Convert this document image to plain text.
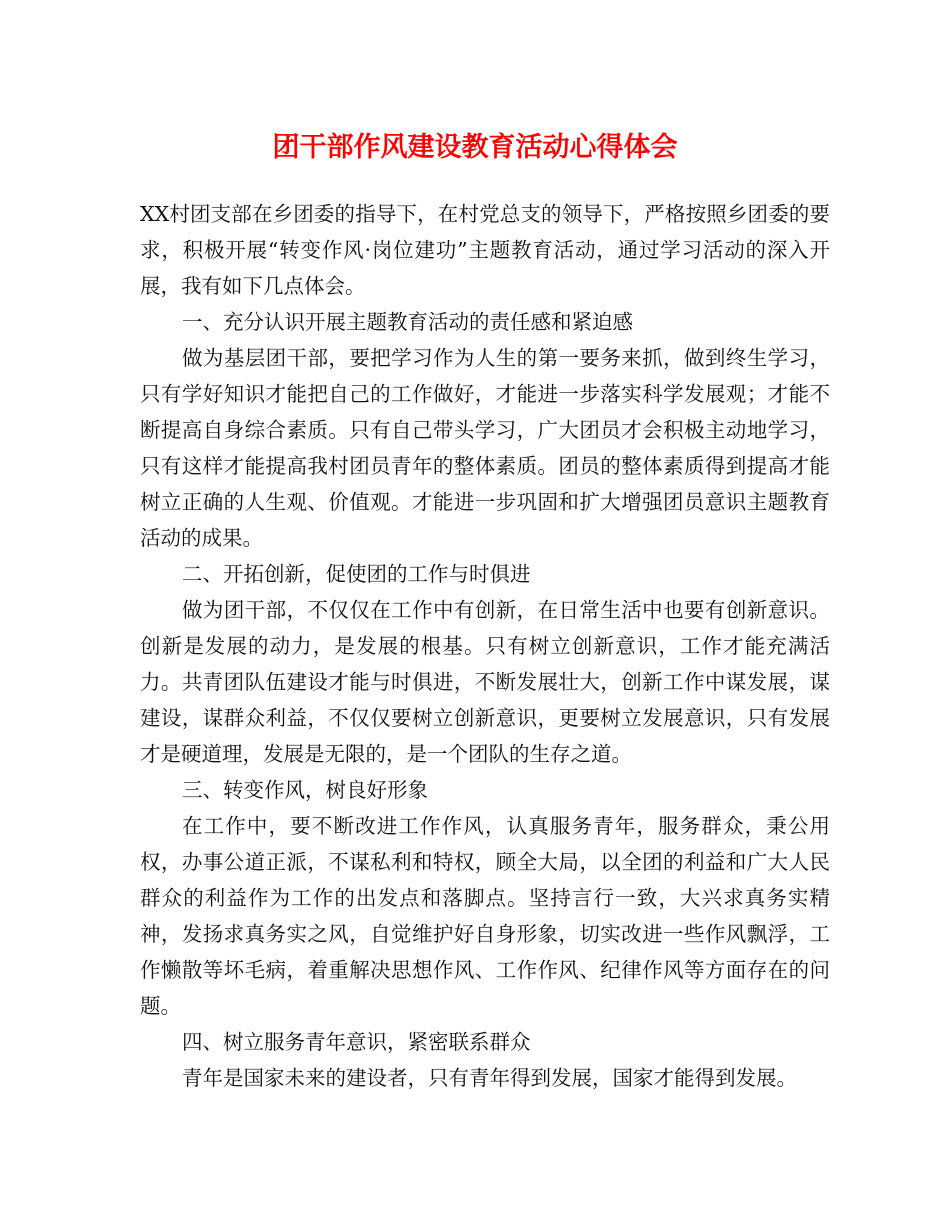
团干部作风建设教育活动心得体会

XX村团支部在乡团委的指导下，在村党总支的领导下，严格按照乡团委的要求，积极开展“转变作风·岗位建功”主题教育活动，通过学习活动的深入开展，我有如下几点体会。

一、充分认识开展主题教育活动的责任感和紧迫感

做为基层团干部，要把学习作为人生的第一要务来抓，做到终生学习，只有学好知识才能把自己的工作做好，才能进一步落实科学发展观；才能不断提高自身综合素质。只有自己带头学习，广大团员才会积极主动地学习，只有这样才能提高我村团员青年的整体素质。团员的整体素质得到提高才能树立正确的人生观、价值观。才能进一步巩固和扩大增强团员意识主题教育活动的成果。

二、开拓创新，促使团的工作与时俱进

做为团干部，不仅仅在工作中有创新，在日常生活中也要有创新意识。创新是发展的动力，是发展的根基。只有树立创新意识，工作才能充满活力。共青团队伍建设才能与时俱进，不断发展壮大，创新工作中谋发展，谋建设，谋群众利益，不仅仅要树立创新意识，更要树立发展意识，只有发展才是硬道理，发展是无限的，是一个团队的生存之道。

三、转变作风，树良好形象

在工作中，要不断改进工作作风，认真服务青年，服务群众，秉公用权，办事公道正派，不谋私利和特权，顾全大局，以全团的利益和广大人民群众的利益作为工作的出发点和落脚点。坚持言行一致，大兴求真务实精神，发扬求真务实之风，自觉维护好自身形象，切实改进一些作风飘浮，工作懒散等坏毛病，着重解决思想作风、工作作风、纪律作风等方面存在的问题。

四、树立服务青年意识，紧密联系群众

青年是国家未来的建设者，只有青年得到发展，国家才能得到发展。
